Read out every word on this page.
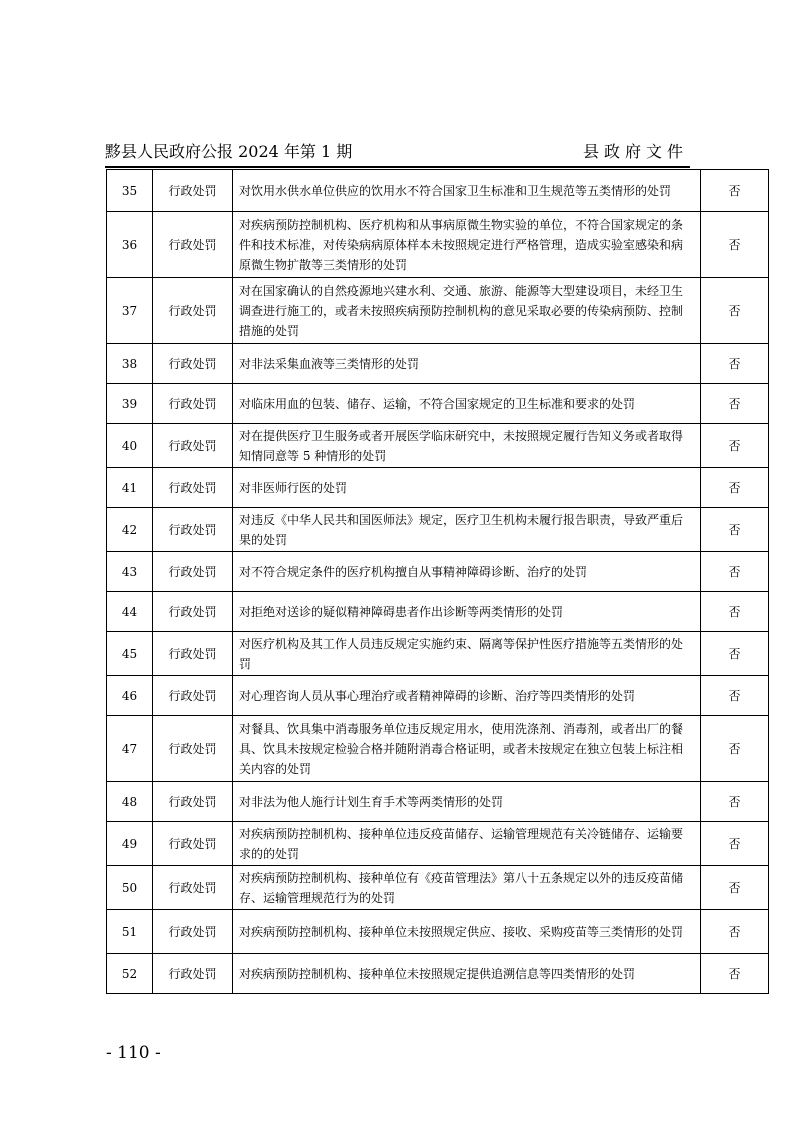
黟县人民政府公报 2024 年第 1 期	县政府文件
35	行政处罚	对饮用水供水单位供应的饮用水不符合国家卫生标准和卫生规范等五类情形的处罚	否
36	行政处罚	对疾病预防控制机构、医疗机构和从事病原微生物实验的单位，不符合国家规定的条件和技术标准，对传染病病原体样本未按照规定进行严格管理，造成实验室感染和病原微生物扩散等三类情形的处罚	否
37	行政处罚	对在国家确认的自然疫源地兴建水利、交通、旅游、能源等大型建设项目，未经卫生调查进行施工的，或者未按照疾病预防控制机构的意见采取必要的传染病预防、控制措施的处罚	否
38	行政处罚	对非法采集血液等三类情形的处罚	否
39	行政处罚	对临床用血的包装、储存、运输，不符合国家规定的卫生标准和要求的处罚	否
40	行政处罚	对在提供医疗卫生服务或者开展医学临床研究中，未按照规定履行告知义务或者取得知情同意等 5 种情形的处罚	否
41	行政处罚	对非医师行医的处罚	否
42	行政处罚	对违反《中华人民共和国医师法》规定，医疗卫生机构未履行报告职责，导致严重后果的处罚	否
43	行政处罚	对不符合规定条件的医疗机构擅自从事精神障碍诊断、治疗的处罚	否
44	行政处罚	对拒绝对送诊的疑似精神障碍患者作出诊断等两类情形的处罚	否
45	行政处罚	对医疗机构及其工作人员违反规定实施约束、隔离等保护性医疗措施等五类情形的处罚	否
46	行政处罚	对心理咨询人员从事心理治疗或者精神障碍的诊断、治疗等四类情形的处罚	否
47	行政处罚	对餐具、饮具集中消毒服务单位违反规定用水，使用洗涤剂、消毒剂，或者出厂的餐具、饮具未按规定检验合格并随附消毒合格证明，或者未按规定在独立包装上标注相关内容的处罚	否
48	行政处罚	对非法为他人施行计划生育手术等两类情形的处罚	否
49	行政处罚	对疾病预防控制机构、接种单位违反疫苗储存、运输管理规范有关冷链储存、运输要求的的处罚	否
50	行政处罚	对疾病预防控制机构、接种单位有《疫苗管理法》第八十五条规定以外的违反疫苗储存、运输管理规范行为的处罚	否
51	行政处罚	对疾病预防控制机构、接种单位未按照规定供应、接收、采购疫苗等三类情形的处罚	否
52	行政处罚	对疾病预防控制机构、接种单位未按照规定提供追溯信息等四类情形的处罚	否
- 110 -
